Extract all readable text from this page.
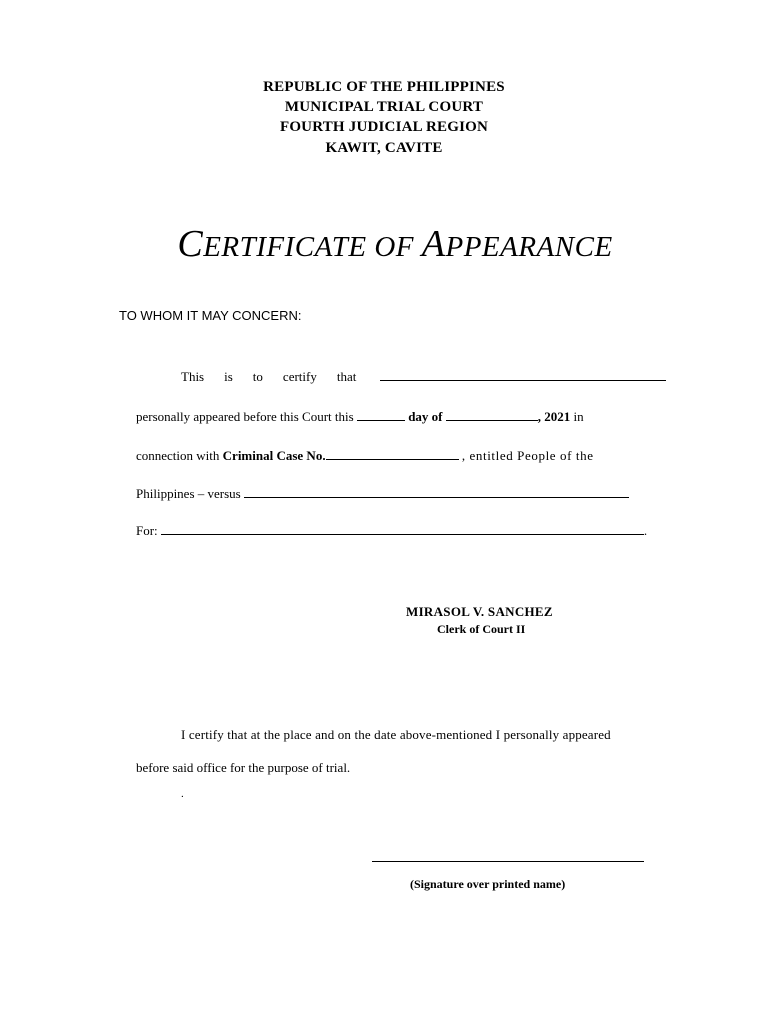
REPUBLIC OF THE PHILIPPINES
MUNICIPAL TRIAL COURT
FOURTH JUDICIAL REGION
KAWIT, CAVITE
CERTIFICATE OF APPEARANCE
TO WHOM IT MAY CONCERN:
This is to certify that
personally appeared before this Court this	day of	, 2021 in
connection with Criminal Case No.	, entitled People of the
Philippines – versus
For:	.
MIRASOL V. SANCHEZ
Clerk of Court II
I certify that at the place and on the date above-mentioned I personally appeared
before said office for the purpose of trial.
.
(Signature over printed name)
